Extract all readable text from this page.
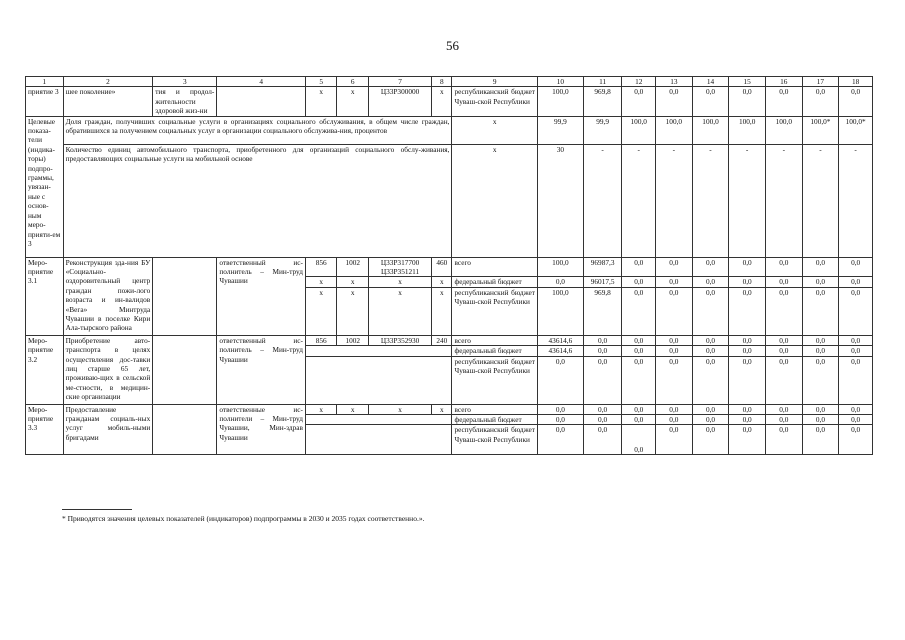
56
1	2	3	4	5	6	7	8	9	10	11	12	13	14	15	16	17	18
приятие 3	шее поколение»	тия и продол-жительности здоровой жиз-ни		x	x	Ц33Р300000	x	республиканский бюджет Чуваш-ской Республики	100,0	969,8	0,0	0,0	0,0	0,0	0,0	0,0	0,0
Целевые показа-тели (индика-торы) подпро-граммы, увязан-ные с основ-ным меро-прияти-ем 3	Доля граждан, получивших социальные услуги в организациях социального обслуживания, в общем числе граждан, обратившихся за получением социальных услуг в организации социального обслужива-ния, процентов							x	99,9	99,9	100,0	100,0	100,0	100,0	100,0	100,0*	100,0*
	Количество единиц автомобильного транспорта, приобретенного для организаций социального обслу-живания, предоставляющих социальные услуги на мобильной основе							x	30	-	-	-	-	-	-	-	-
Меро-приятие 3.1	Реконструкция зда-ния БУ «Социально-оздоровительный центр граждан пожи-лого возраста и ин-валидов «Вега» Минтруда Чувашии в поселке Кири Ала-тырского района		ответственный ис-полнитель – Мин-труд Чувашии	856	1002	Ц33Р317700 Ц33Р351211	460	всего	100,0	96987,3	0,0	0,0	0,0	0,0	0,0	0,0	0,0
				x	x	x	x	федеральный бюджет	0,0	96017,5	0,0	0,0	0,0	0,0	0,0	0,0	0,0
				x	x	x	x	республиканский бюджет Чуваш-ской Республики	100,0	969,8	0,0	0,0	0,0	0,0	0,0	0,0	0,0
Меро-приятие 3.2	Приобретение авто-транспорта в целях осуществления дос-тавки лиц старше 65 лет, проживаю-щих в сельской ме-стности, в медицин-ские организации		ответственный ис-полнитель – Мин-труд Чувашии	856	1002	Ц33Р352930	240	всего	43614,6	0,0	0,0	0,0	0,0	0,0	0,0	0,0	0,0
								федеральный бюджет	43614,6	0,0	0,0	0,0	0,0	0,0	0,0	0,0	0,0
								республиканский бюджет Чуваш-ской Республики	0,0	0,0	0,0	0,0	0,0	0,0	0,0	0,0	0,0
Меро-приятие 3.3	Предоставление гражданам социаль-ных услуг мобиль-ными бригадами		ответственные ис-полнители – Мин-труд Чувашии, Мин-здрав Чувашии	x	x	x	x	всего	0,0	0,0	0,0	0,0	0,0	0,0	0,0	0,0	0,0
								федеральный бюджет	0,0	0,0	0,0	0,0	0,0	0,0	0,0	0,0	0,0
								республиканский бюджет Чуваш-ской Республики	0,0	0,0	0,0	0,0	0,0	0,0	0,0	0,0	0,0
* Приводятся значения целевых показателей (индикаторов) подпрограммы в 2030 и 2035 годах соответственно.».
